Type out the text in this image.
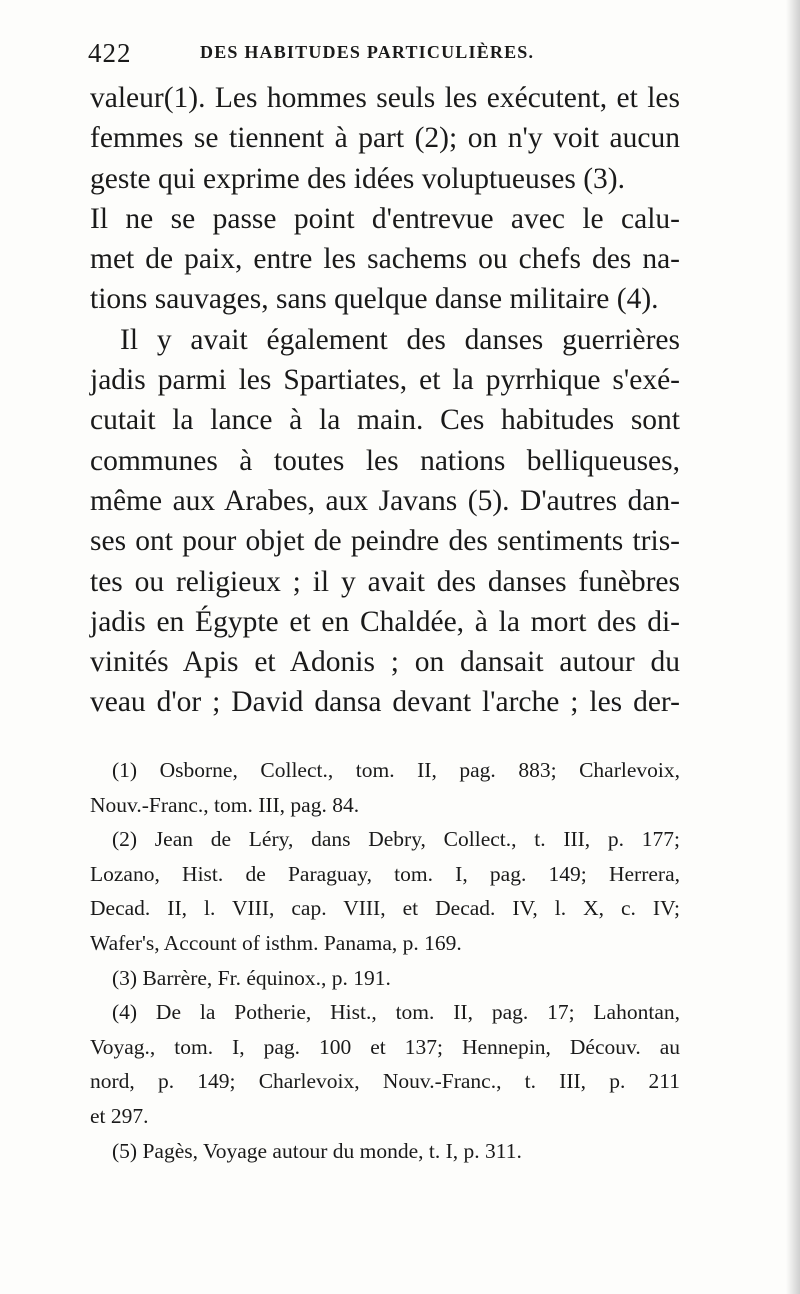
422	DES HABITUDES PARTICULIÈRES.
valeur(1). Les hommes seuls les exécutent, et les
femmes se tiennent à part (2); on n'y voit aucun
geste qui exprime des idées voluptueuses (3).
Il ne se passe point d'entrevue avec le calu-
met de paix, entre les sachems ou chefs des na-
tions sauvages, sans quelque danse militaire (4).
Il y avait également des danses guerrières
jadis parmi les Spartiates, et la pyrrhique s'exé-
cutait la lance à la main. Ces habitudes sont
communes à toutes les nations belliqueuses,
même aux Arabes, aux Javans (5). D'autres dan-
ses ont pour objet de peindre des sentiments tris-
tes ou religieux ; il y avait des danses funèbres
jadis en Égypte et en Chaldée, à la mort des di-
vinités Apis et Adonis ; on dansait autour du
veau d'or ; David dansa devant l'arche ; les der-
(1) Osborne, Collect., tom. II, pag. 883; Charlevoix,
Nouv.-Franc., tom. III, pag. 84.
(2) Jean de Léry, dans Debry, Collect., t. III, p. 177;
Lozano, Hist. de Paraguay, tom. I, pag. 149; Herrera,
Decad. II, l. VIII, cap. VIII, et Decad. IV, l. X, c. IV;
Wafer's, Account of isthm. Panama, p. 169.
(3) Barrère, Fr. équinox., p. 191.
(4) De la Potherie, Hist., tom. II, pag. 17; Lahontan,
Voyag., tom. I, pag. 100 et 137; Hennepin, Découv. au
nord, p. 149; Charlevoix, Nouv.-Franc., t. III, p. 211
et 297.
(5) Pagès, Voyage autour du monde, t. I, p. 311.
